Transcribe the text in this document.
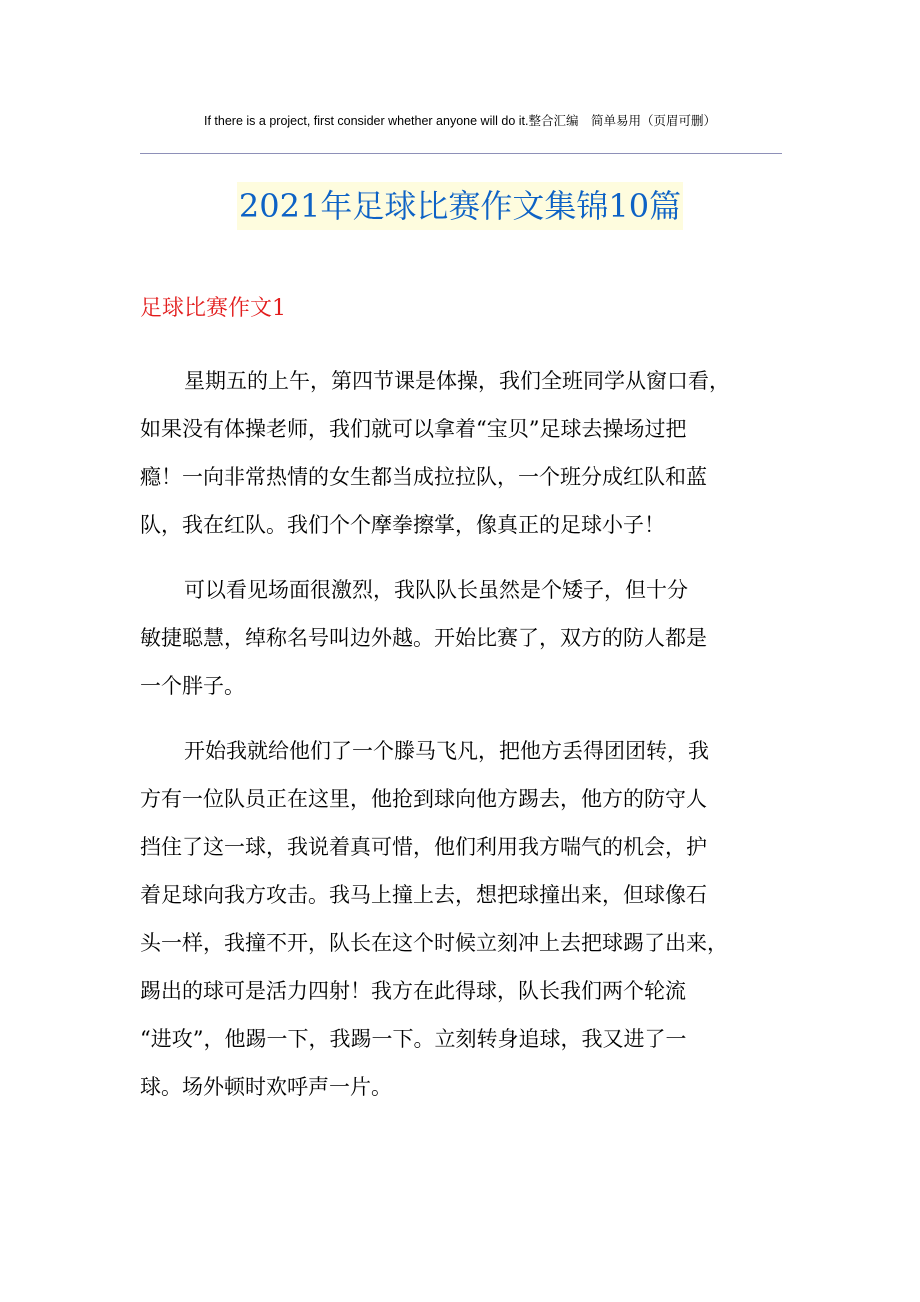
If there is a project, first consider whether anyone will do it.整合汇编　简单易用（页眉可删）
2021年足球比赛作文集锦10篇
足球比赛作文1
星期五的上午，第四节课是体操，我们全班同学从窗口看，
如果没有体操老师，我们就可以拿着“宝贝”足球去操场过把
瘾！一向非常热情的女生都当成拉拉队，一个班分成红队和蓝
队，我在红队。我们个个摩拳擦掌，像真正的足球小子！
可以看见场面很激烈，我队队长虽然是个矮子，但十分
敏捷聪慧，绰称名号叫边外越。开始比赛了，双方的防人都是
一个胖子。
开始我就给他们了一个滕马飞凡，把他方丢得团团转，我
方有一位队员正在这里，他抢到球向他方踢去，他方的防守人
挡住了这一球，我说着真可惜，他们利用我方喘气的机会，护
着足球向我方攻击。我马上撞上去，想把球撞出来，但球像石
头一样，我撞不开，队长在这个时候立刻冲上去把球踢了出来，
踢出的球可是活力四射！我方在此得球，队长我们两个轮流
“进攻”，他踢一下，我踢一下。立刻转身追球，我又进了一
球。场外顿时欢呼声一片。
